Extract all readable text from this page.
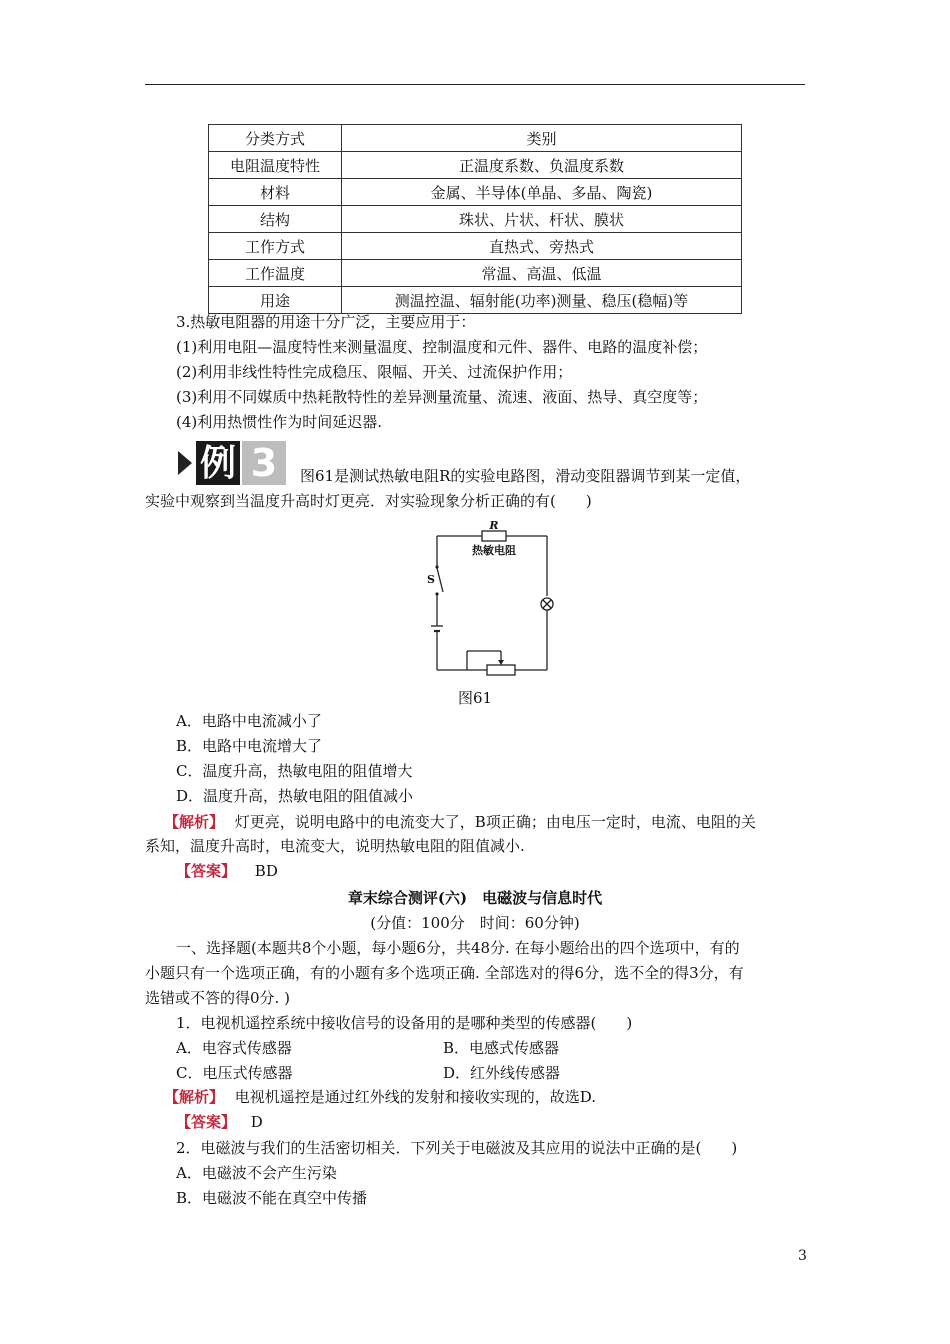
分类方式	类别
电阻温度特性	正温度系数、负温度系数
材料	金属、半导体(单晶、多晶、陶瓷)
结构	珠状、片状、杆状、膜状
工作方式	直热式、旁热式
工作温度	常温、高温、低温
用途	测温控温、辐射能(功率)测量、稳压(稳幅)等
3.热敏电阻器的用途十分广泛，主要应用于：
(1)利用电阻—温度特性来测量温度、控制温度和元件、器件、电路的温度补偿；
(2)利用非线性特性完成稳压、限幅、开关、过流保护作用；
(3)利用不同媒质中热耗散特性的差异测量流量、流速、液面、热导、真空度等；
(4)利用热惯性作为时间延迟器.
例 3	图61是测试热敏电阻R的实验电路图，滑动变阻器调节到某一定值，
实验中观察到当温度升高时灯更亮．对实验现象分析正确的有(　　)
R
热敏电阻
S
图61
A．电路中电流减小了
B．电路中电流增大了
C．温度升高，热敏电阻的阻值增大
D．温度升高，热敏电阻的阻值减小
【解析】 灯更亮，说明电路中的电流变大了，B项正确；由电压一定时，电流、电阻的关
系知，温度升高时，电流变大，说明热敏电阻的阻值减小.
【答案】 BD
章末综合测评(六)　电磁波与信息时代
(分值：100分　时间：60分钟)
一、选择题(本题共8个小题，每小题6分，共48分. 在每小题给出的四个选项中，有的
小题只有一个选项正确，有的小题有多个选项正确. 全部选对的得6分，选不全的得3分，有
选错或不答的得0分. )
1．电视机遥控系统中接收信号的设备用的是哪种类型的传感器(　　)
A．电容式传感器	B．电感式传感器
C．电压式传感器	D．红外线传感器
【解析】 电视机遥控是通过红外线的发射和接收实现的，故选D.
【答案】 D
2．电磁波与我们的生活密切相关．下列关于电磁波及其应用的说法中正确的是(　　)
A．电磁波不会产生污染
B．电磁波不能在真空中传播
3
